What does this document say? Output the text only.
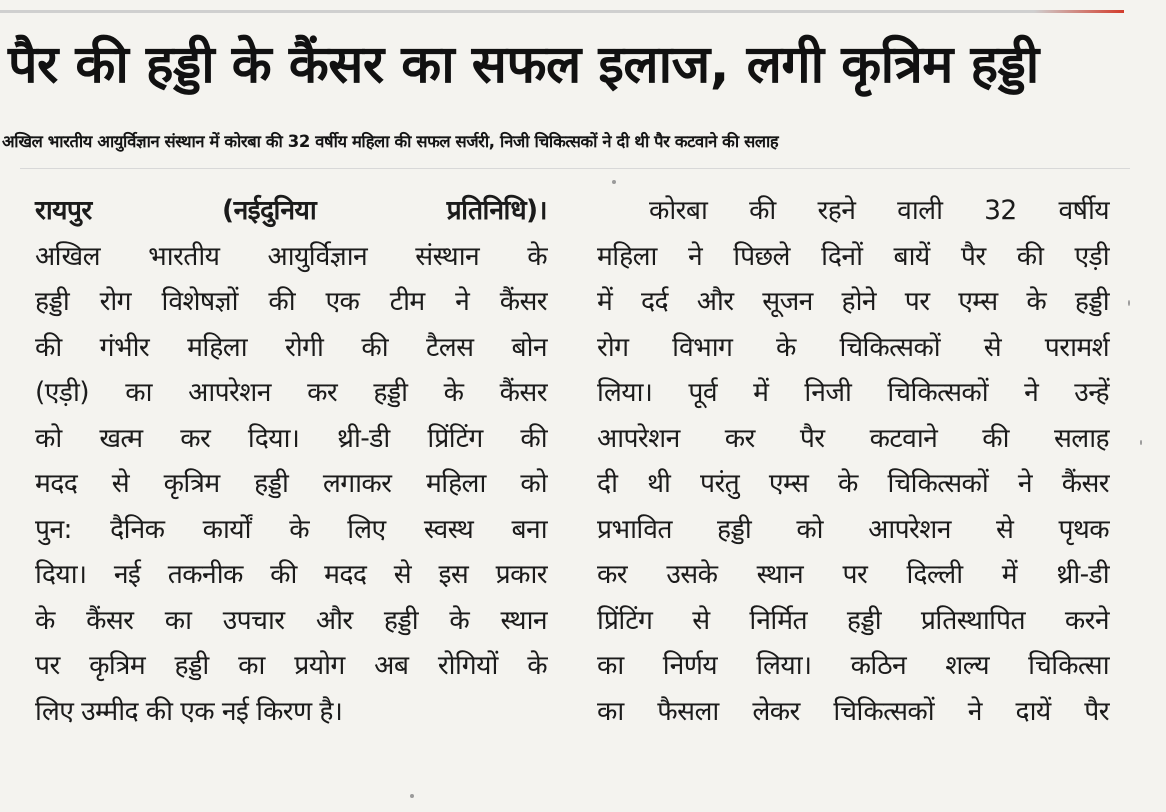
पैर की हड्डी के कैंसर का सफल इलाज, लगी कृत्रिम हड्डी
अखिल भारतीय आयुर्विज्ञान संस्थान में कोरबा की 32 वर्षीय महिला की सफल सर्जरी, निजी चिकित्सकों ने दी थी पैर कटवाने की सलाह
रायपुर (नईदुनिया प्रतिनिधि)।
अखिल भारतीय आयुर्विज्ञान संस्थान के
हड्डी रोग विशेषज्ञों की एक टीम ने कैंसर
की गंभीर महिला रोगी की टैलस बोन
(एड़ी) का आपरेशन कर हड्डी के कैंसर
को खत्म कर दिया। थ्री-डी प्रिंटिंग की
मदद से कृत्रिम हड्डी लगाकर महिला को
पुन: दैनिक कार्यों के लिए स्वस्थ बना
दिया। नई तकनीक की मदद से इस प्रकार
के कैंसर का उपचार और हड्डी के स्थान
पर कृत्रिम हड्डी का प्रयोग अब रोगियों के
लिए उम्मीद की एक नई किरण है।
कोरबा की रहने वाली 32 वर्षीय
महिला ने पिछले दिनों बायें पैर की एड़ी
में दर्द और सूजन होने पर एम्स के हड्डी
रोग विभाग के चिकित्सकों से परामर्श
लिया। पूर्व में निजी चिकित्सकों ने उन्हें
आपरेशन कर पैर कटवाने की सलाह
दी थी परंतु एम्स के चिकित्सकों ने कैंसर
प्रभावित हड्डी को आपरेशन से पृथक
कर उसके स्थान पर दिल्ली में थ्री-डी
प्रिंटिंग से निर्मित हड्डी प्रतिस्थापित करने
का निर्णय लिया। कठिन शल्य चिकित्सा
का फैसला लेकर चिकित्सकों ने दायें पैर
